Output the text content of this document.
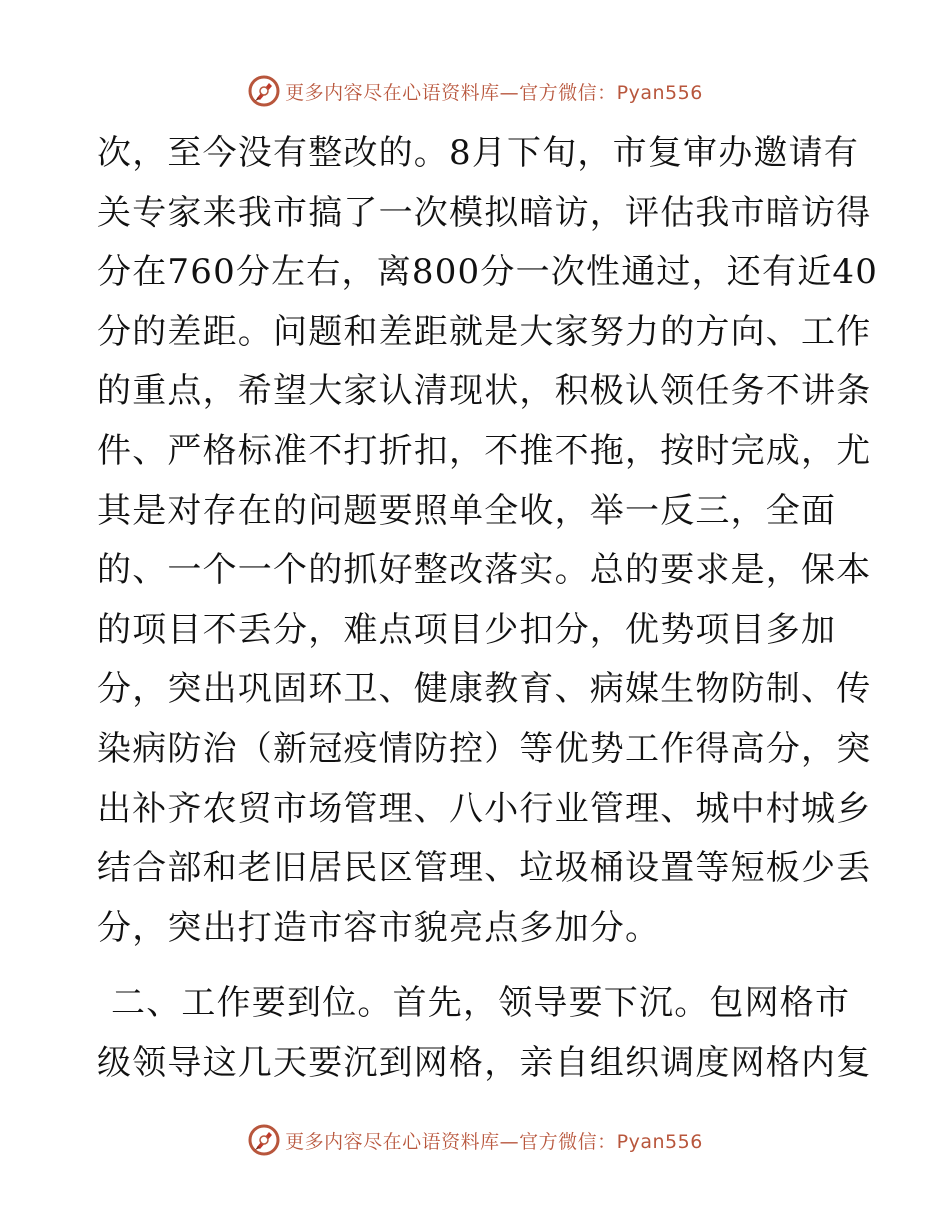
更多内容尽在心语资料库—官方微信：Pyan556
次，至今没有整改的。8月下旬，市复审办邀请有
关专家来我市搞了一次模拟暗访，评估我市暗访得
分在760分左右，离800分一次性通过，还有近40
分的差距。问题和差距就是大家努力的方向、工作
的重点，希望大家认清现状，积极认领任务不讲条
件、严格标准不打折扣，不推不拖，按时完成，尤
其是对存在的问题要照单全收，举一反三，全面
的、一个一个的抓好整改落实。总的要求是，保本
的项目不丢分，难点项目少扣分，优势项目多加
分，突出巩固环卫、健康教育、病媒生物防制、传
染病防治（新冠疫情防控）等优势工作得高分，突
出补齐农贸市场管理、八小行业管理、城中村城乡
结合部和老旧居民区管理、垃圾桶设置等短板少丢
分，突出打造市容市貌亮点多加分。
二、工作要到位。首先，领导要下沉。包网格市
级领导这几天要沉到网格，亲自组织调度网格内复
更多内容尽在心语资料库—官方微信：Pyan556
